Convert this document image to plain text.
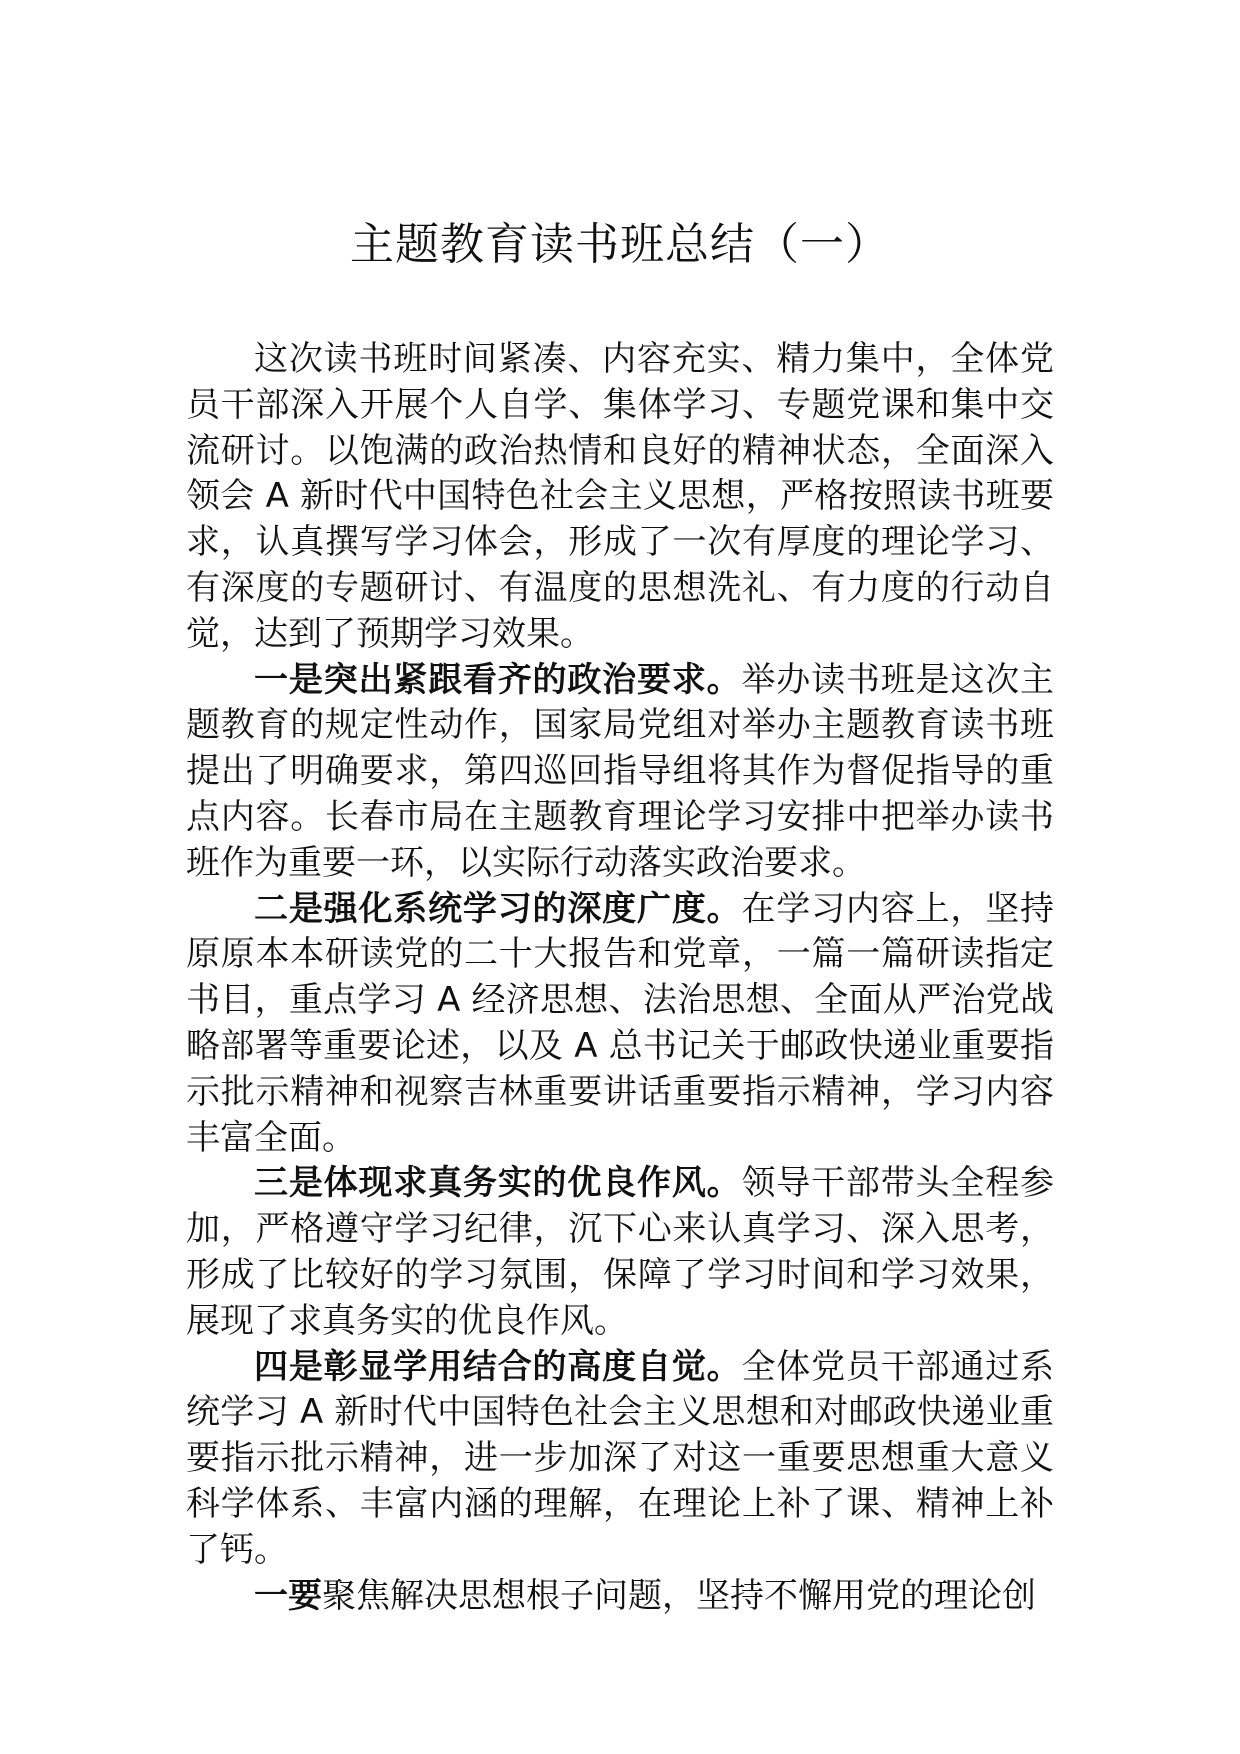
主题教育读书班总结（一）

这次读书班时间紧凑、内容充实、精力集中，全体党员干部深入开展个人自学、集体学习、专题党课和集中交流研讨。以饱满的政治热情和良好的精神状态，全面深入领会 A 新时代中国特色社会主义思想，严格按照读书班要求，认真撰写学习体会，形成了一次有厚度的理论学习、有深度的专题研讨、有温度的思想洗礼、有力度的行动自觉，达到了预期学习效果。

一是突出紧跟看齐的政治要求。举办读书班是这次主题教育的规定性动作，国家局党组对举办主题教育读书班提出了明确要求，第四巡回指导组将其作为督促指导的重点内容。长春市局在主题教育理论学习安排中把举办读书班作为重要一环，以实际行动落实政治要求。

二是强化系统学习的深度广度。在学习内容上，坚持原原本本研读党的二十大报告和党章，一篇一篇研读指定书目，重点学习 A 经济思想、法治思想、全面从严治党战略部署等重要论述，以及 A 总书记关于邮政快递业重要指示批示精神和视察吉林重要讲话重要指示精神，学习内容丰富全面。

三是体现求真务实的优良作风。领导干部带头全程参加，严格遵守学习纪律，沉下心来认真学习、深入思考，形成了比较好的学习氛围，保障了学习时间和学习效果，展现了求真务实的优良作风。

四是彰显学用结合的高度自觉。全体党员干部通过系统学习 A 新时代中国特色社会主义思想和对邮政快递业重要指示批示精神，进一步加深了对这一重要思想重大意义科学体系、丰富内涵的理解，在理论上补了课、精神上补了钙。

一要聚焦解决思想根子问题，坚持不懈用党的理论创
